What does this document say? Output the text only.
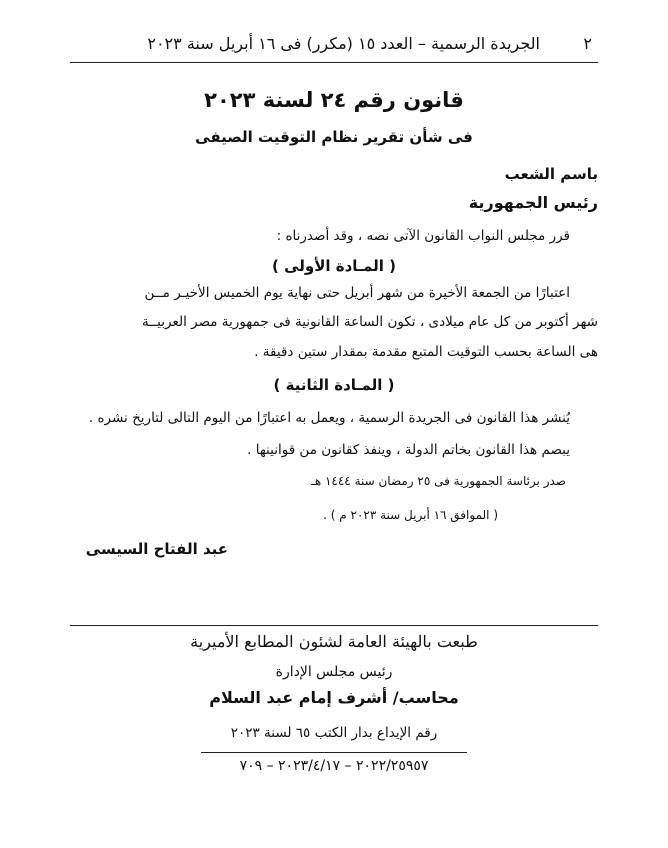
٢
الجريدة الرسمية – العدد ١٥ (مكرر) فى ١٦ أبريل سنة ٢٠٢٣
قانون رقم ٢٤ لسنة ٢٠٢٣
فى شأن تقرير نظام التوقيت الصيفى
باسم الشعب
رئيس الجمهورية
قرر مجلس النواب القانون الآتى نصه ، وقد أصدرناه :
( المـادة الأولى )
اعتبارًا من الجمعة الأخيرة من شهر أبريل حتى نهاية يوم الخميس الأخيـر مــن
شهر أكتوبر من كل عام ميلادى ، تكون الساعة القانونية فى جمهورية مصر العربيــة
هى الساعة بحسب التوقيت المتبع مقدمة بمقدار ستين دقيقة .
( المـادة الثانية )
يُنشر هذا القانون فى الجريدة الرسمية ، ويعمل به اعتبارًا من اليوم التالى لتاريخ نشره .
يبصم هذا القانون بخاتم الدولة ، وينفذ كقانون من قوانينها .
صدر برئاسة الجمهورية فى ٢٥ رمضان سنة ١٤٤٤ هـ
( الموافق ١٦ أبريل سنة ٢٠٢٣ م ) .
عبد الفتاح السيسى
طبعت بالهيئة العامة لشئون المطابع الأميرية
رئيس مجلس الإدارة
محاسب/ أشرف إمام عبد السلام
رقم الإيداع بدار الكتب ٦٥ لسنة ٢٠٢٣
٢٠٢٢/٢٥٩٥٧ – ٢٠٢٣/٤/١٧ – ٧٠٩
